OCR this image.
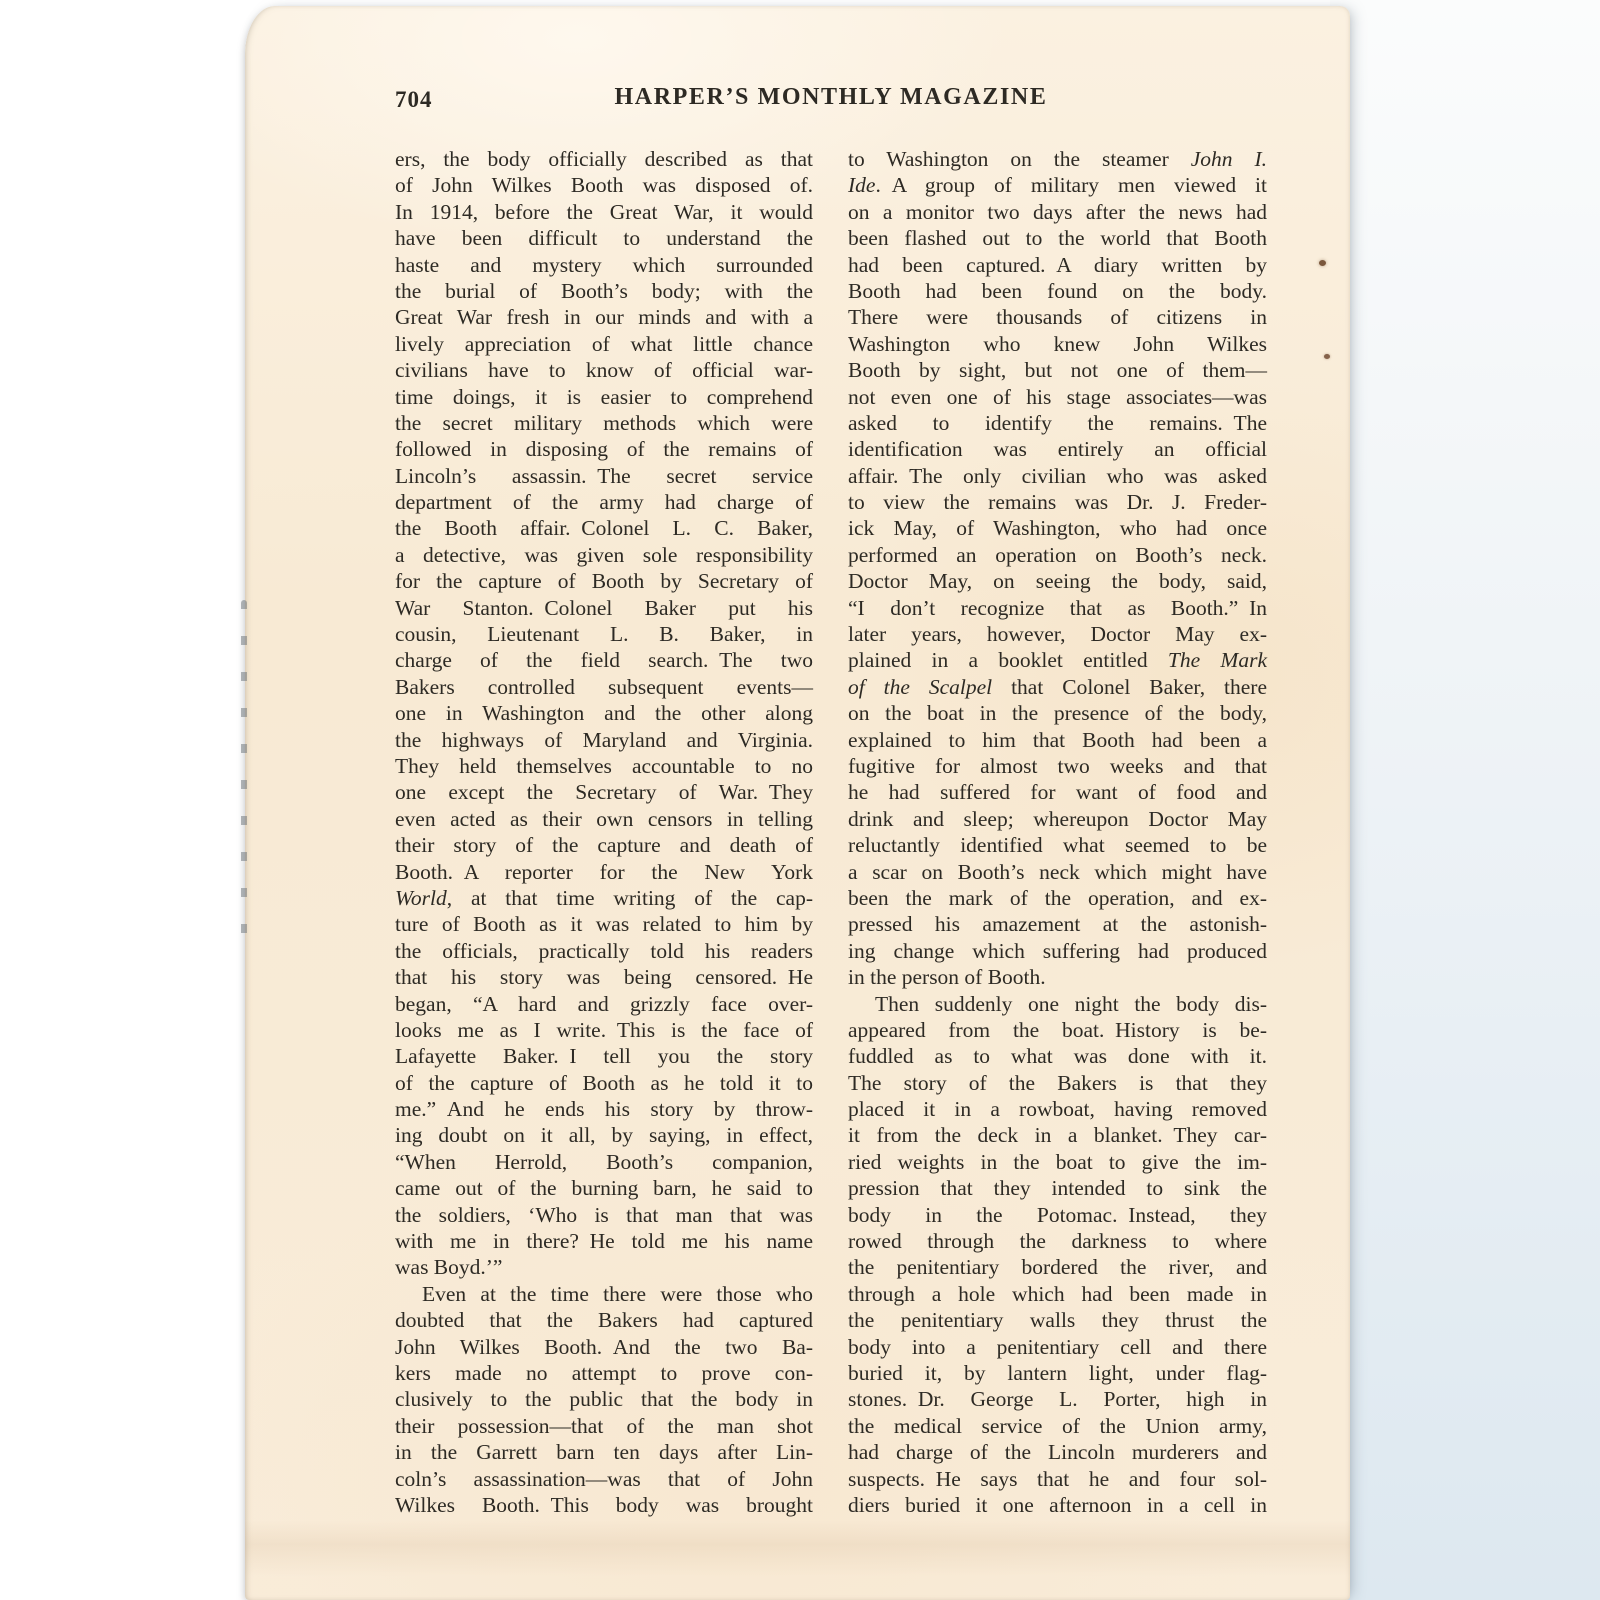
704	HARPER’S MONTHLY MAGAZINE
ers, the body officially described as that
of John Wilkes Booth was disposed of.
In 1914, before the Great War, it would
have been difficult to understand the
haste and mystery which surrounded
the burial of Booth’s body; with the
Great War fresh in our minds and with a
lively appreciation of what little chance
civilians have to know of official war-
time doings, it is easier to comprehend
the secret military methods which were
followed in disposing of the remains of
Lincoln’s assassin. The secret service
department of the army had charge of
the Booth affair. Colonel L. C. Baker,
a detective, was given sole responsibility
for the capture of Booth by Secretary of
War Stanton. Colonel Baker put his
cousin, Lieutenant L. B. Baker, in
charge of the field search. The two
Bakers controlled subsequent events—
one in Washington and the other along
the highways of Maryland and Virginia.
They held themselves accountable to no
one except the Secretary of War. They
even acted as their own censors in telling
their story of the capture and death of
Booth. A reporter for the New York
World, at that time writing of the cap-
ture of Booth as it was related to him by
the officials, practically told his readers
that his story was being censored. He
began, “A hard and grizzly face over-
looks me as I write. This is the face of
Lafayette Baker. I tell you the story
of the capture of Booth as he told it to
me.” And he ends his story by throw-
ing doubt on it all, by saying, in effect,
“When Herrold, Booth’s companion,
came out of the burning barn, he said to
the soldiers, ‘Who is that man that was
with me in there? He told me his name
was Boyd.’”
Even at the time there were those who
doubted that the Bakers had captured
John Wilkes Booth. And the two Ba-
kers made no attempt to prove con-
clusively to the public that the body in
their possession—that of the man shot
in the Garrett barn ten days after Lin-
coln’s assassination—was that of John
Wilkes Booth. This body was brought
to Washington on the steamer John I.
Ide. A group of military men viewed it
on a monitor two days after the news had
been flashed out to the world that Booth
had been captured. A diary written by
Booth had been found on the body.
There were thousands of citizens in
Washington who knew John Wilkes
Booth by sight, but not one of them—
not even one of his stage associates—was
asked to identify the remains. The
identification was entirely an official
affair. The only civilian who was asked
to view the remains was Dr. J. Freder-
ick May, of Washington, who had once
performed an operation on Booth’s neck.
Doctor May, on seeing the body, said,
“I don’t recognize that as Booth.” In
later years, however, Doctor May ex-
plained in a booklet entitled The Mark
of the Scalpel that Colonel Baker, there
on the boat in the presence of the body,
explained to him that Booth had been a
fugitive for almost two weeks and that
he had suffered for want of food and
drink and sleep; whereupon Doctor May
reluctantly identified what seemed to be
a scar on Booth’s neck which might have
been the mark of the operation, and ex-
pressed his amazement at the astonish-
ing change which suffering had produced
in the person of Booth.
Then suddenly one night the body dis-
appeared from the boat. History is be-
fuddled as to what was done with it.
The story of the Bakers is that they
placed it in a rowboat, having removed
it from the deck in a blanket. They car-
ried weights in the boat to give the im-
pression that they intended to sink the
body in the Potomac. Instead, they
rowed through the darkness to where
the penitentiary bordered the river, and
through a hole which had been made in
the penitentiary walls they thrust the
body into a penitentiary cell and there
buried it, by lantern light, under flag-
stones. Dr. George L. Porter, high in
the medical service of the Union army,
had charge of the Lincoln murderers and
suspects. He says that he and four sol-
diers buried it one afternoon in a cell in
